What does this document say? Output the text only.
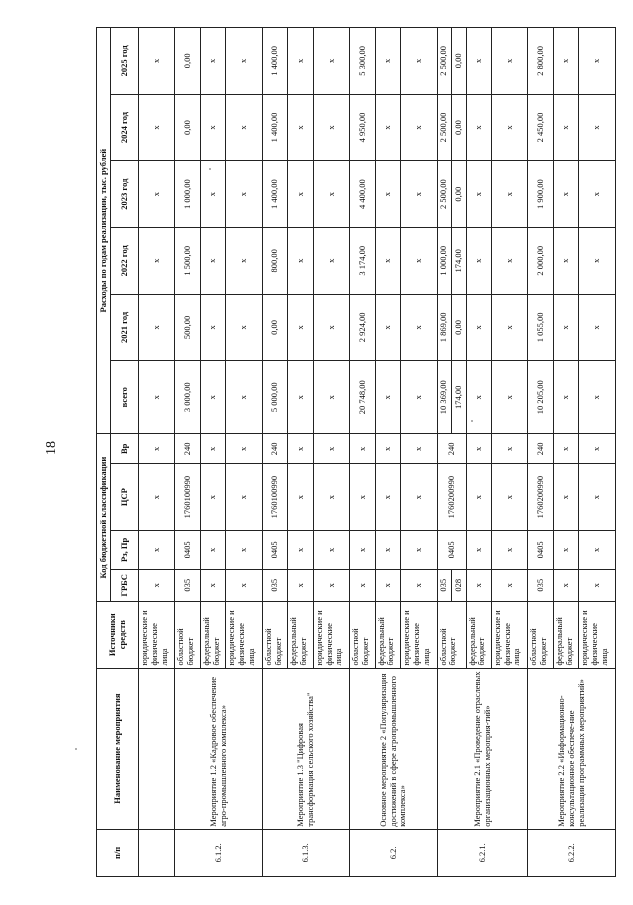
18
п/п	Наименование мероприятия	Источники средств	Код бюджетной классификации				Расходы по годам реализации, тыс. рублей					
			ГРБС	Рз, Пр	ЦСР	Вр	всего	2021 год	2022 год	2023 год	2024 год	2025 год
		юридические и физические лица	х	х	х	х	х	х	х	х	х	х
6.1.2.	Мероприятие 1.2 «Кадровое обеспечение агро-промышленного комплекса»	областной бюджет	035	0405	1760100990	240	3 000,00	500,00	1 500,00	1 000,00	0,00	0,00
		федеральный бюджет	х	х	х	х	х	х	х	х	х	х
		юридические и физические лица	х	х	х	х	х	х	х	х	х	х
6.1.3.	Мероприятие 1.3 "Цифровая трансформация сельского хозяйства"	областной бюджет	035	0405	1760100990	240	5 000,00	0,00	800,00	1 400,00	1 400,00	1 400,00
		федеральный бюджет	х	х	х	х	х	х	х	х	х	х
		юридические и физические лица	х	х	х	х	х	х	х	х	х	х
6.2.	Основное мероприятие 2 «Популяризация достижений в сфере агропромышленного комплекса»	областной бюджет	х	х	х	х	20 748,00	2 924,00	3 174,00	4 400,00	4 950,00	5 300,00
		федеральный бюджет	х	х	х	х	х	х	х	х	х	х
		юридические и физические лица	х	х	х	х	х	х	х	х	х	х
6.2.1.	Мероприятие 2.1 «Проведение отраслевых организационных мероприя-тий»	областной бюджет	035	0405	1760200990	240	10 369,00	1 869,00	1 000,00	2 500,00	2 500,00	2 500,00
			028				174,00	0,00	174,00	0,00	0,00	0,00
		федеральный бюджет	х	х	х	х	х	х	х	х	х	х
		юридические и физические лица	х	х	х	х	х	х	х	х	х	х
6.2.2.	Мероприятие 2.2 «Информационно-консультационное обеспече-ние реализации программных мероприятий»	областной бюджет	035	0405	1760200990	240	10 205,00	1 055,00	2 000,00	1 900,00	2 450,00	2 800,00
		федеральный бюджет	х	х	х	х	х	х	х	х	х	х
		юридические и физические лица	х	х	х	х	х	х	х	х	х	х
